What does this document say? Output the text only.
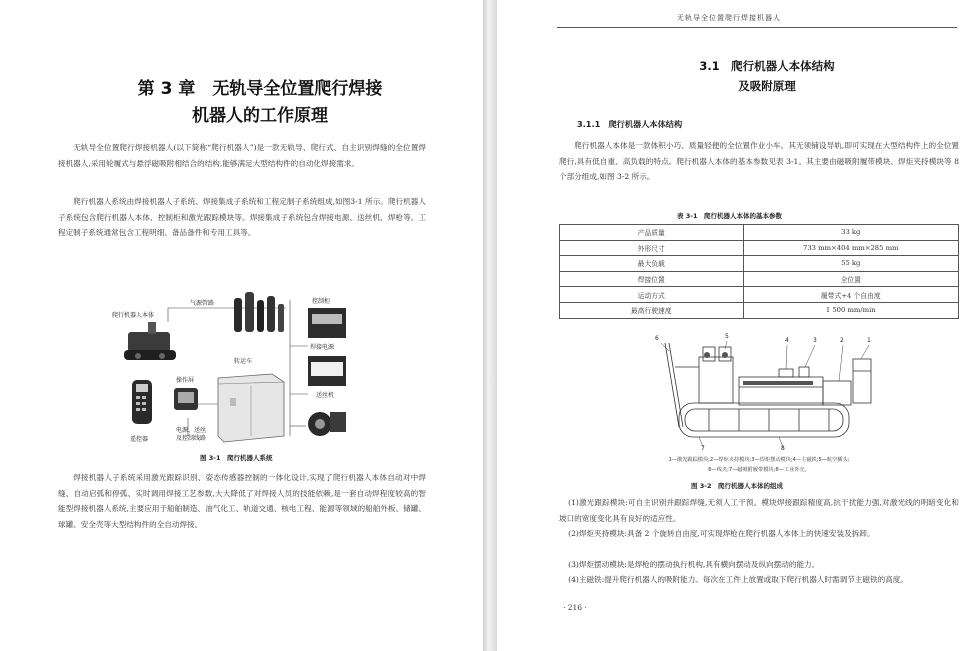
第 3 章　无轨导全位置爬行焊接
机器人的工作原理

无轨导全位置爬行焊接机器人(以下简称“爬行机器人”)是一款无轨导、爬行式、自主识别焊缝的全位置焊接机器人,采用轮履式与悬浮磁吸附相结合的结构,能够满足大型结构件的自动化焊接需求。

爬行机器人系统由焊接机器人子系统、焊接集成子系统和工程定制子系统组成,如图3-1 所示。爬行机器人子系统包含爬行机器人本体、控制柜和激光跟踪模块等。焊接集成子系统包含焊接电源、送丝机、焊枪等。工程定制子系统通常包含工程明细、备品备件和专用工具等。

爬行机器人本体
气源管路	控制柜
焊接电源
转运车
操作屏
送丝机
遥控器
电源、送丝
及控制线路
图 3-1　爬行机器人系统

焊接机器人子系统采用激光跟踪识别、姿态传感器控制的一体化设计,实现了爬行机器人本体自动对中焊缝、自动启弧和停弧、实时调用焊接工艺参数,大大降低了对焊接人员的技能依赖,是一套自动焊程度较高的智能型焊接机器人系统,主要应用于船舶制造、油气化工、轨道交通、核电工程、能源等领域的船舶外板、储罐、球罐、安全壳等大型结构件的全自动焊接。

无轨导全位置爬行焊接机器人
3.1　爬行机器人本体结构
及吸附原理
3.1.1　爬行机器人本体结构

爬行机器人本体是一款体积小巧、质量轻便的全位置作业小车。其无须铺设导轨,即可实现在大型结构件上的全位置爬行,具有低自重、高负载的特点。爬行机器人本体的基本参数见表 3-1。其主要由磁吸附履带模块、焊炬夹持模块等 8 个部分组成,如图 3-2 所示。

表 3-1　爬行机器人本体的基本参数
产品质量	33 kg
外形尺寸	733 mm×404 mm×285 mm
最大负载	55 kg
焊接位置	全位置
运动方式	履带式+4 个自由度
最高行驶速度	1 500 mm/min
1
2
3
4
5
6
7	8
1—激光跟踪模块;2—焊炬夹持模块;3—焊炬摆动模块;4—主磁铁;5—航空插头;
6—线夹;7—磁吸附履带模块;8—工业外壳。
图 3-2　爬行机器人本体的组成

(1)激光跟踪模块:可自主识别并跟踪焊缝,无须人工干预。模块焊接跟踪精度高,抗干扰能力强,对激光线的明暗变化和坡口的宽度变化具有良好的适应性。

(2)焊炬夹持模块:具备 2 个旋转自由度,可实现焊枪在爬行机器人本体上的快速安装及拆卸。

(3)焊炬摆动模块:是焊枪的摆动执行机构,具有横向摆动及纵向摆动的能力。

(4)主磁铁:提升爬行机器人的吸附能力。每次在工件上放置或取下爬行机器人时需调节主磁铁的高度。

· 216 ·
